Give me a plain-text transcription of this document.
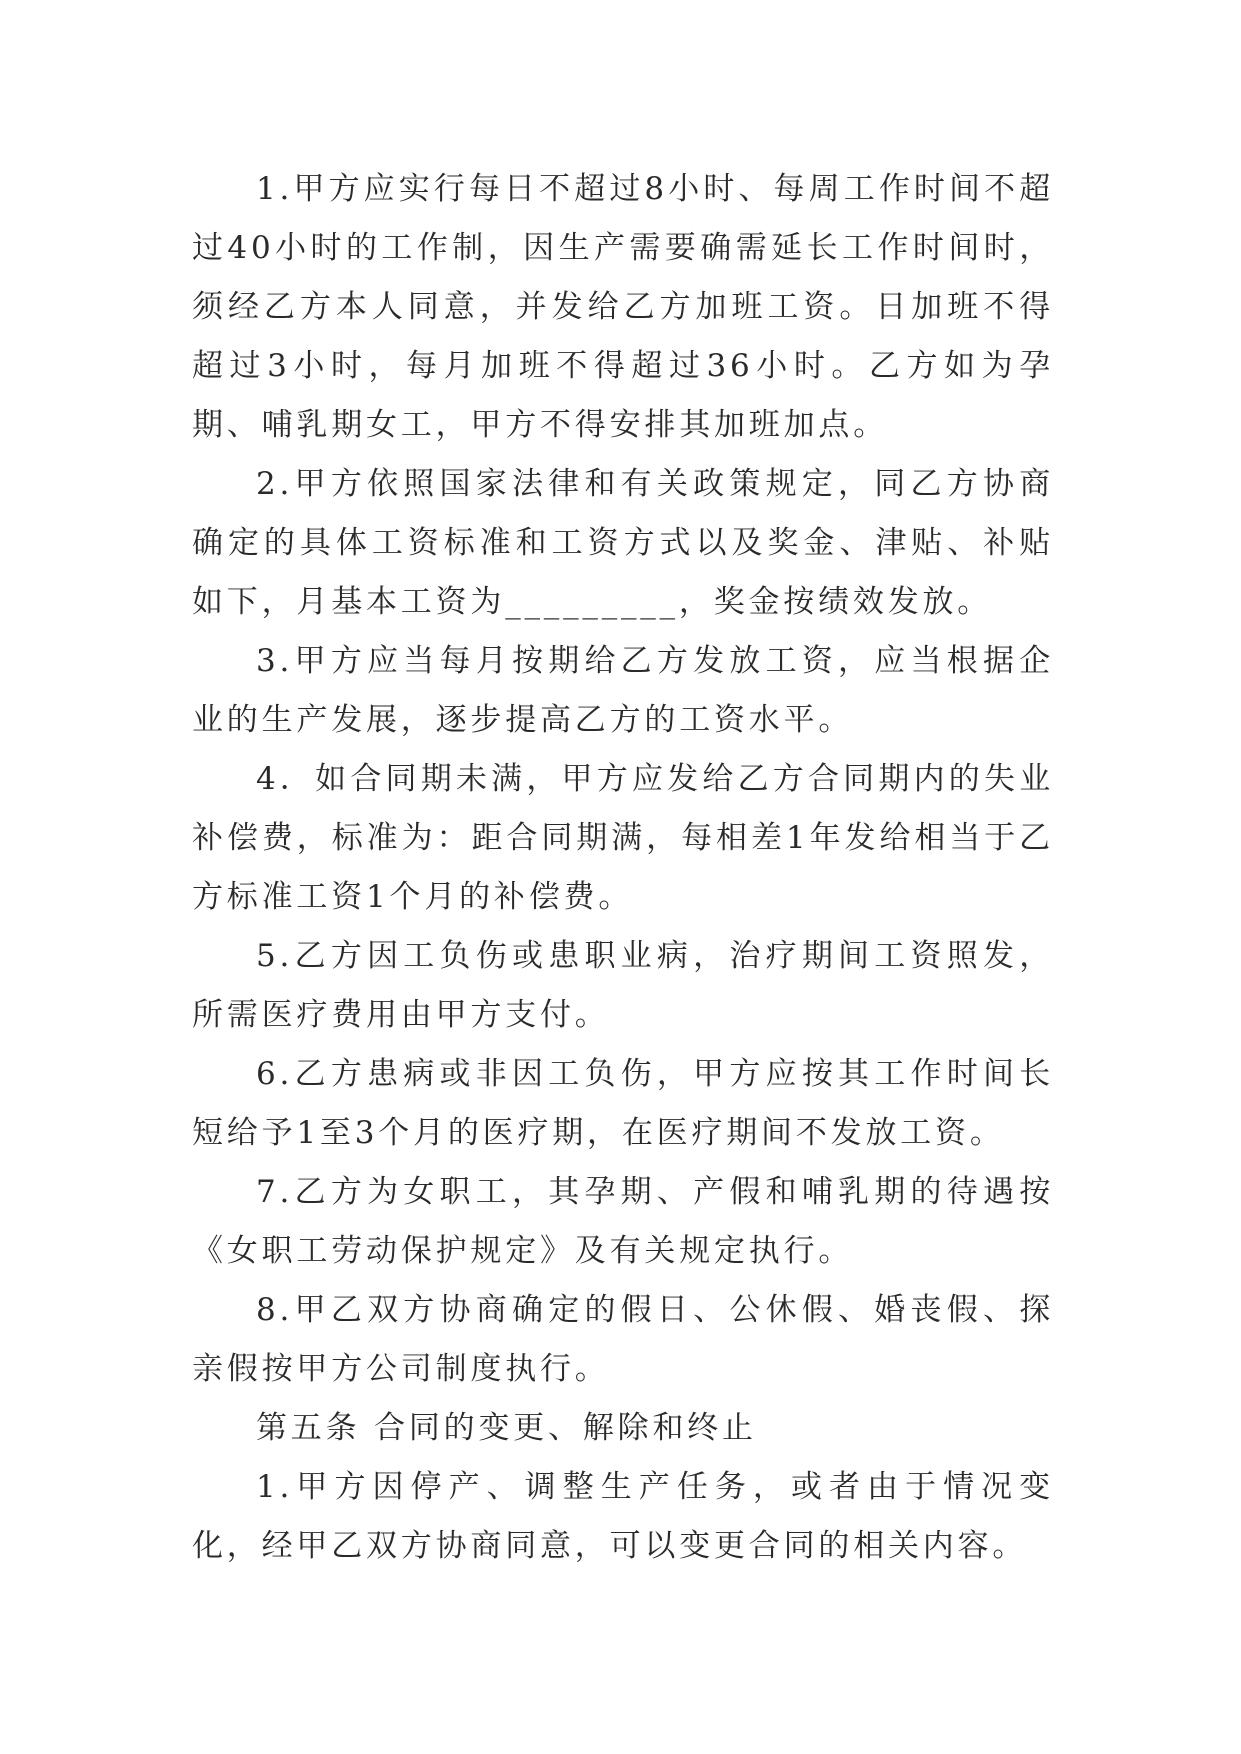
1.甲方应实行每日不超过8小时、每周工作时间不超过40小时的工作制，因生产需要确需延长工作时间时，须经乙方本人同意，并发给乙方加班工资。日加班不得超过3小时，每月加班不得超过36小时。乙方如为孕期、哺乳期女工，甲方不得安排其加班加点。

2.甲方依照国家法律和有关政策规定，同乙方协商确定的具体工资标准和工资方式以及奖金、津贴、补贴如下，月基本工资为_________，奖金按绩效发放。

3.甲方应当每月按期给乙方发放工资，应当根据企业的生产发展，逐步提高乙方的工资水平。

4．如合同期未满，甲方应发给乙方合同期内的失业补偿费，标准为：距合同期满，每相差1年发给相当于乙方标准工资1个月的补偿费。

5.乙方因工负伤或患职业病，治疗期间工资照发，所需医疗费用由甲方支付。

6.乙方患病或非因工负伤，甲方应按其工作时间长短给予1至3个月的医疗期，在医疗期间不发放工资。

7.乙方为女职工，其孕期、产假和哺乳期的待遇按《女职工劳动保护规定》及有关规定执行。

8.甲乙双方协商确定的假日、公休假、婚丧假、探亲假按甲方公司制度执行。

第五条 合同的变更、解除和终止

1.甲方因停产、调整生产任务，或者由于情况变化，经甲乙双方协商同意，可以变更合同的相关内容。
